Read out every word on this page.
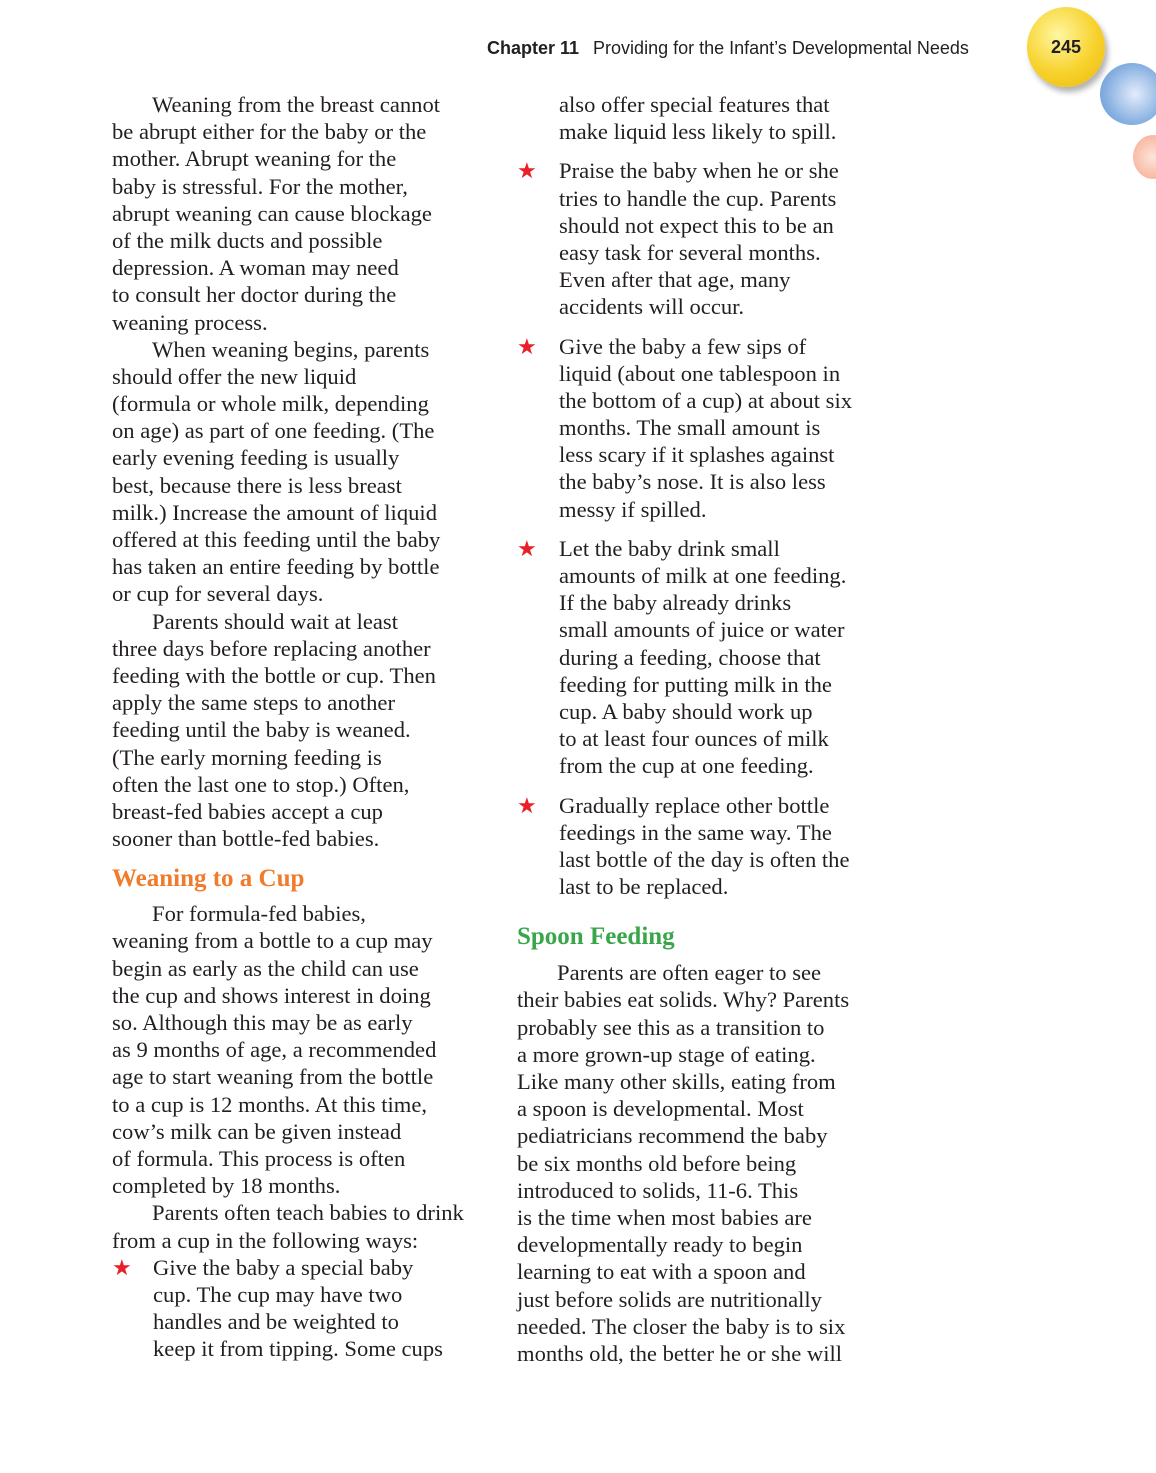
Chapter 11 Providing for the Infant’s Developmental Needs	245
Weaning from the breast cannot
be abrupt either for the baby or the
mother. Abrupt weaning for the
baby is stressful. For the mother,
abrupt weaning can cause blockage
of the milk ducts and possible
depression. A woman may need
to consult her doctor during the
weaning process.
When weaning begins, parents
should offer the new liquid
(formula or whole milk, depending
on age) as part of one feeding. (The
early evening feeding is usually
best, because there is less breast
milk.) Increase the amount of liquid
offered at this feeding until the baby
has taken an entire feeding by bottle
or cup for several days.
Parents should wait at least
three days before replacing another
feeding with the bottle or cup. Then
apply the same steps to another
feeding until the baby is weaned.
(The early morning feeding is
often the last one to stop.) Often,
breast-fed babies accept a cup
sooner than bottle-fed babies.
Weaning to a Cup
For formula-fed babies,
weaning from a bottle to a cup may
begin as early as the child can use
the cup and shows interest in doing
so. Although this may be as early
as 9 months of age, a recommended
age to start weaning from the bottle
to a cup is 12 months. At this time,
cow’s milk can be given instead
of formula. This process is often
completed by 18 months.
Parents often teach babies to drink
from a cup in the following ways:
★ Give the baby a special baby
cup. The cup may have two
handles and be weighted to
keep it from tipping. Some cups
also offer special features that
make liquid less likely to spill.
★ Praise the baby when he or she
tries to handle the cup. Parents
should not expect this to be an
easy task for several months.
Even after that age, many
accidents will occur.
★ Give the baby a few sips of
liquid (about one tablespoon in
the bottom of a cup) at about six
months. The small amount is
less scary if it splashes against
the baby’s nose. It is also less
messy if spilled.
★ Let the baby drink small
amounts of milk at one feeding.
If the baby already drinks
small amounts of juice or water
during a feeding, choose that
feeding for putting milk in the
cup. A baby should work up
to at least four ounces of milk
from the cup at one feeding.
★ Gradually replace other bottle
feedings in the same way. The
last bottle of the day is often the
last to be replaced.
Spoon Feeding
Parents are often eager to see
their babies eat solids. Why? Parents
probably see this as a transition to
a more grown-up stage of eating.
Like many other skills, eating from
a spoon is developmental. Most
pediatricians recommend the baby
be six months old before being
introduced to solids, 11-6. This
is the time when most babies are
developmentally ready to begin
learning to eat with a spoon and
just before solids are nutritionally
needed. The closer the baby is to six
months old, the better he or she will
